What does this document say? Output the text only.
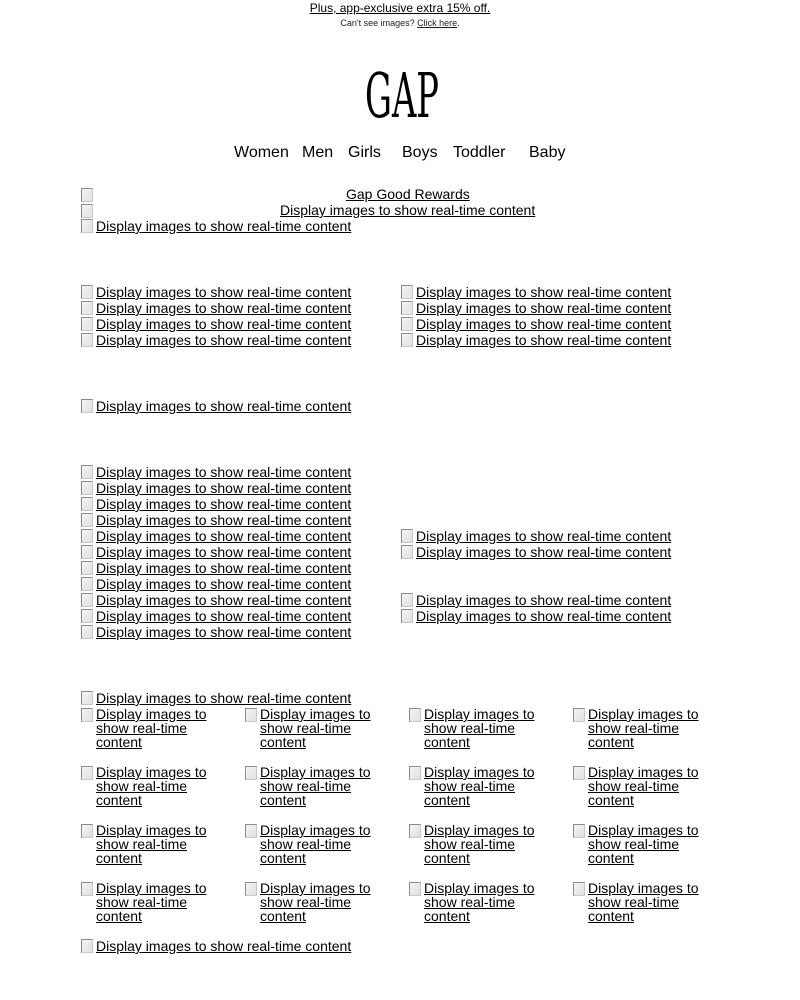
Plus, app-exclusive extra 15% off.
Can't see images? Click here.
GAP
Women Men Girls Boys Toddler Baby
Gap Good Rewards
Display images to show real-time content
Display images to show real-time content
Display images to show real-time content
Display images to show real-time content
Display images to show real-time content
Display images to show real-time content
Display images to show real-time content
Display images to show real-time content
Display images to show real-time content
Display images to show real-time content
Display images to show real-time content
Display images to show real-time content
Display images to show real-time content
Display images to show real-time content
Display images to show real-time content
Display images to show real-time content
Display images to show real-time content
Display images to show real-time content
Display images to show real-time content
Display images to show real-time content
Display images to show real-time content
Display images to show real-time content
Display images to show real-time content
Display images to show real-time content
Display images to show real-time content
Display images to show real-time content
Display images to show real-time content
Display images to show real-time content
Display images to show real-time content
Display images to show real-time content
Display images to show real-time content
Display images to show real-time content
Display images to show real-time content
Display images to show real-time content
Display images to show real-time content
Display images to show real-time content
Display images to show real-time content
Display images to show real-time content
Display images to show real-time content
Display images to show real-time content
Display images to show real-time content
Display images to show real-time content
Display images to show real-time content
Display images to show real-time content
